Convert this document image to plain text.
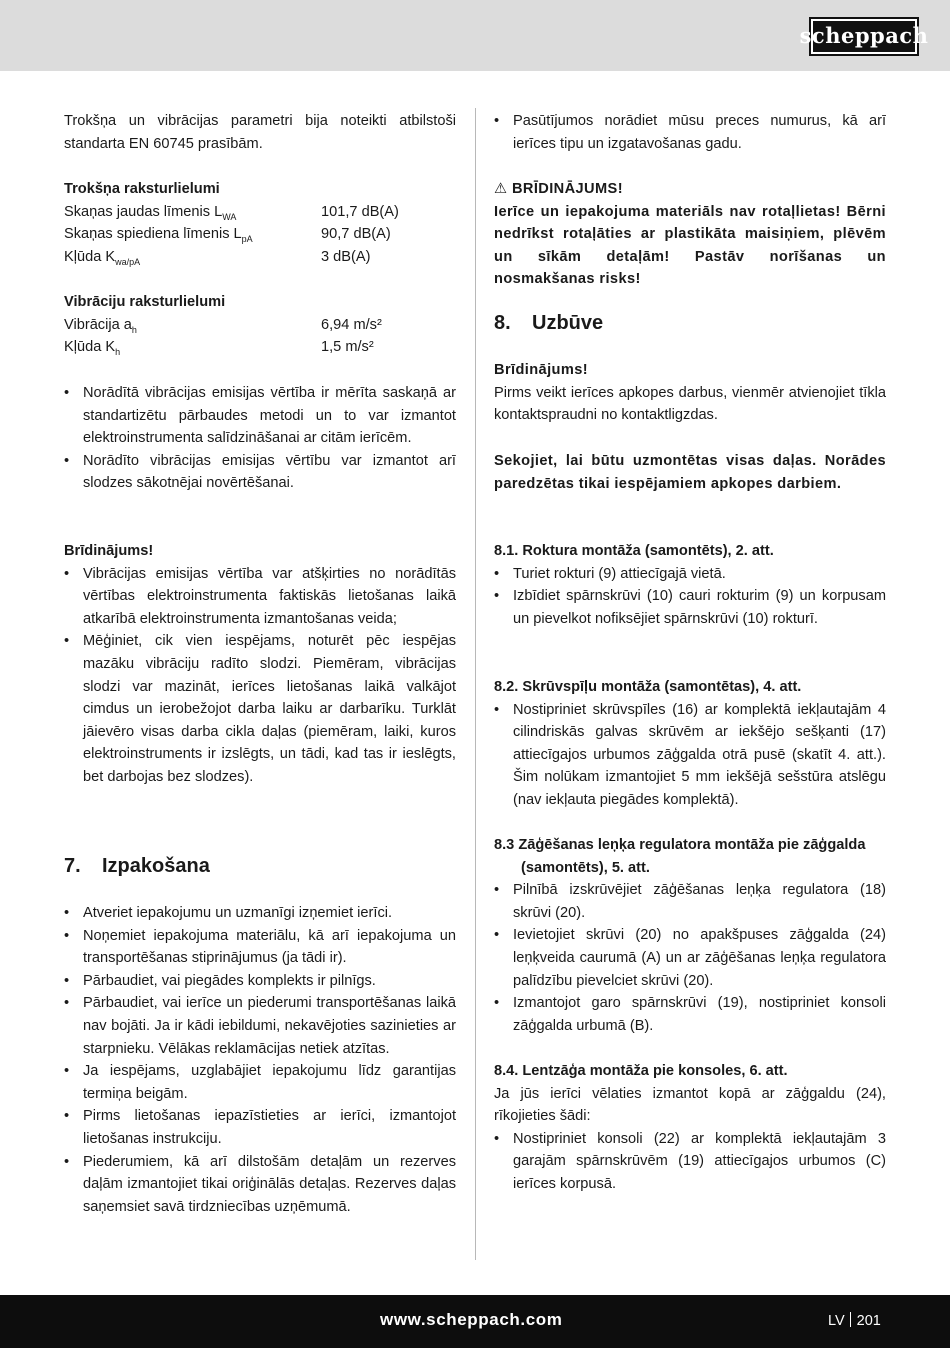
scheppach

Trokšņa un vibrācijas parametri bija noteikti atbilstoši standarta EN 60745 prasībām.

Trokšņa raksturlielumi
Skaņas jaudas līmenis $L_{WA}$	101,7 dB(A)
Skaņas spiediena līmenis $L_{pA}$	90,7 dB(A)
Kļūda $K_{wa/pA}$	3 dB(A)
Vibrāciju raksturlielumi
Vibrācija $a_h$	6,94 m/s²
Kļūda $K_h$	1,5 m/s²
• Norādītā vibrācijas emisijas vērtība ir mērīta saskaņā ar standartizētu pārbaudes metodi un to var izmantot elektroinstrumenta salīdzināšanai ar citām ierīcēm.
• Norādīto vibrācijas emisijas vērtību var izmantot arī slodzes sākotnējai novērtēšanai.
Brīdinājums!
• Vibrācijas emisijas vērtība var atšķirties no norādītās vērtības elektroinstrumenta faktiskās lietošanas laikā atkarībā elektroinstrumenta izmantošanas veida;
• Mēģiniet, cik vien iespējams, noturēt pēc iespējas mazāku vibrāciju radīto slodzi. Piemēram, vibrācijas slodzi var mazināt, ierīces lietošanas laikā valkājot cimdus un ierobežojot darba laiku ar darbarīku. Turklāt jāievēro visas darba cikla daļas (piemēram, laiki, kuros elektroinstruments ir izslēgts, un tādi, kad tas ir ieslēgts, bet darbojas bez slodzes).
7. Izpakošana
• Atveriet iepakojumu un uzmanīgi izņemiet ierīci.
• Noņemiet iepakojuma materiālu, kā arī iepakojuma un transportēšanas stiprinājumus (ja tādi ir).
• Pārbaudiet, vai piegādes komplekts ir pilnīgs.
• Pārbaudiet, vai ierīce un piederumi transportēšanas laikā nav bojāti. Ja ir kādi iebildumi, nekavējoties sazinieties ar starpnieku. Vēlākas reklamācijas netiek atzītas.
• Ja iespējams, uzglabājiet iepakojumu līdz garantijas termiņa beigām.
• Pirms lietošanas iepazīstieties ar ierīci, izmantojot lietošanas instrukciju.
• Piederumiem, kā arī dilstošām detaļām un rezerves daļām izmantojiet tikai oriģinālās detaļas. Rezerves daļas saņemsiet savā tirdzniecības uzņēmumā.
• Pasūtījumos norādiet mūsu preces numurus, kā arī ierīces tipu un izgatavošanas gadu.
⚠ BRĪDINĀJUMS!

Ierīce un iepakojuma materiāls nav rotaļlietas! Bērni nedrīkst rotaļāties ar plastikāta maisiņiem, plēvēm un sīkām detaļām! Pastāv norīšanas un nosmakšanas risks!

8. Uzbūve
Brīdinājums!

Pirms veikt ierīces apkopes darbus, vienmēr atvienojiet tīkla kontaktspraudni no kontaktligzdas.

Sekojiet, lai būtu uzmontētas visas daļas. Norādes paredzētas tikai iespējamiem apkopes darbiem.

8.1. Roktura montāža (samontēts), 2. att.
• Turiet rokturi (9) attiecīgajā vietā.
• Izbīdiet spārnskrūvi (10) cauri rokturim (9) un korpusam un pievelkot nofiksējiet spārnskrūvi (10) rokturī.
8.2. Skrūvspīļu montāža (samontētas), 4. att.
• Nostipriniet skrūvspīles (16) ar komplektā iekļautajām 4 cilindriskās galvas skrūvēm ar iekšējo sešķanti (17) attiecīgajos urbumos zāģgalda otrā pusē (skatīt 4. att.). Šim nolūkam izmantojiet 5 mm iekšējā sešstūra atslēgu (nav iekļauta piegādes komplektā).
8.3 Zāģēšanas leņķa regulatora montāža pie zāģgalda (samontēts), 5. att.
• Pilnībā izskrūvējiet zāģēšanas leņķa regulatora (18) skrūvi (20).
• Ievietojiet skrūvi (20) no apakšpuses zāģgalda (24) leņķveida caurumā (A) un ar zāģēšanas leņķa regulatora palīdzību pievelciet skrūvi (20).
• Izmantojot garo spārnskrūvi (19), nostipriniet konsoli zāģgalda urbumā (B).
8.4. Lentzāģa montāža pie konsoles, 6. att.

Ja jūs ierīci vēlaties izmantot kopā ar zāģgaldu (24), rīkojieties šādi:

• Nostipriniet konsoli (22) ar komplektā iekļautajām 3 garajām spārnskrūvēm (19) attiecīgajos urbumos (C) ierīces korpusā.
www.scheppach.com	LV 201
